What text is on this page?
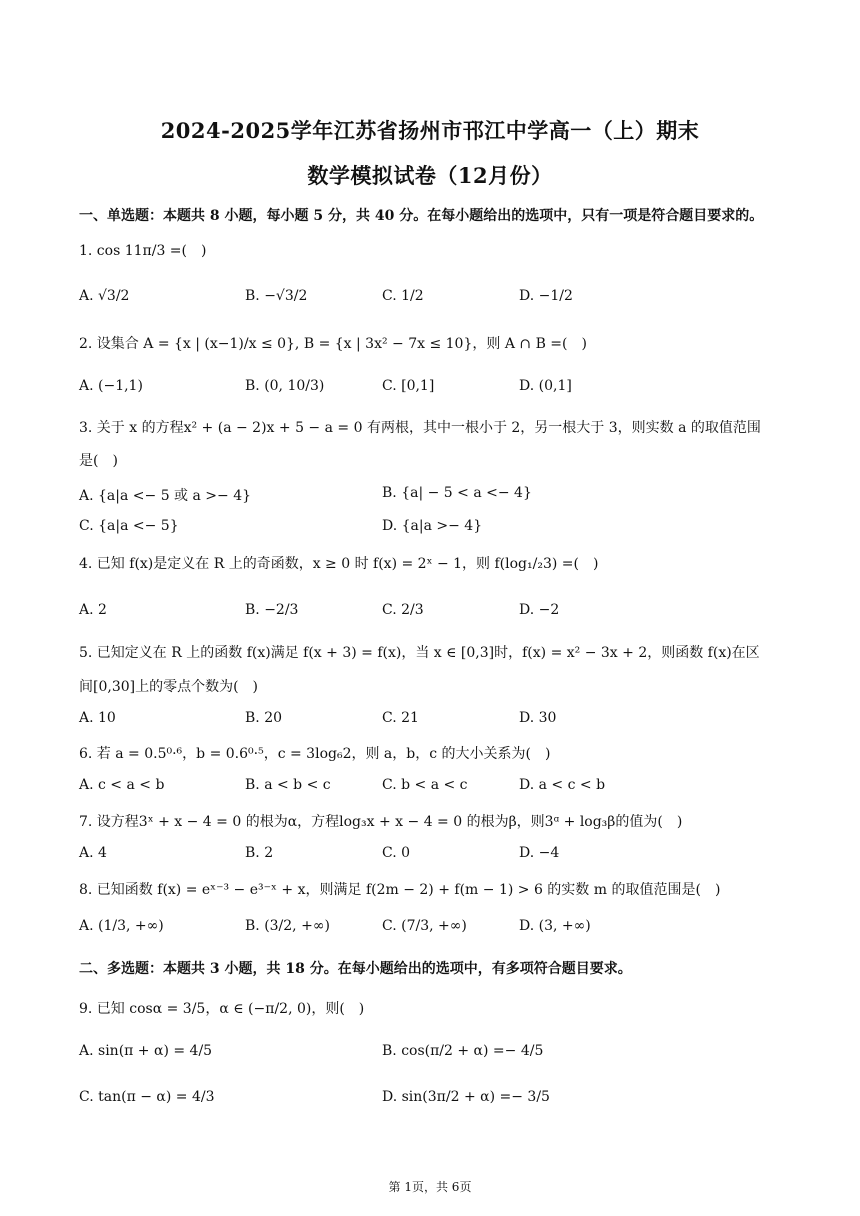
2024-2025学年江苏省扬州市邗江中学高一（上）期末
数学模拟试卷（12月份）
一、单选题：本题共 8 小题，每小题 5 分，共 40 分。在每小题给出的选项中，只有一项是符合题目要求的。
1. cos 11π/3 =(　)
A. √3/2	B. −√3/2	C. 1/2	D. −1/2
2. 设集合 A = {x | (x−1)/x ≤ 0}, B = {x | 3x² − 7x ≤ 10}，则 A ∩ B =(　)
A. (−1,1)	B. (0, 10/3)	C. [0,1]	D. (0,1]
3. 关于 x 的方程x² + (a − 2)x + 5 − a = 0 有两根，其中一根小于 2，另一根大于 3，则实数 a 的取值范围
是(　)
A. {a|a <− 5 或 a >− 4}	B. {a| − 5 < a <− 4}
C. {a|a <− 5}	D. {a|a >− 4}
4. 已知 f(x)是定义在 R 上的奇函数，x ≥ 0 时 f(x) = 2ˣ − 1，则 f(log₁/₂3) =(　)
A. 2	B. −2/3	C. 2/3	D. −2
5. 已知定义在 R 上的函数 f(x)满足 f(x + 3) = f(x)，当 x ∈ [0,3]时，f(x) = x² − 3x + 2，则函数 f(x)在区
间[0,30]上的零点个数为(　)
A. 10	B. 20	C. 21	D. 30
6. 若 a = 0.5⁰·⁶，b = 0.6⁰·⁵，c = 3log₆2，则 a，b，c 的大小关系为(　)
A. c < a < b	B. a < b < c	C. b < a < c	D. a < c < b
7. 设方程3ˣ + x − 4 = 0 的根为α，方程log₃x + x − 4 = 0 的根为β，则3ᵅ + log₃β的值为(　)
A. 4	B. 2	C. 0	D. −4
8. 已知函数 f(x) = eˣ⁻³ − e³⁻ˣ + x，则满足 f(2m − 2) + f(m − 1) > 6 的实数 m 的取值范围是(　)
A. (1/3, +∞)	B. (3/2, +∞)	C. (7/3, +∞)	D. (3, +∞)
二、多选题：本题共 3 小题，共 18 分。在每小题给出的选项中，有多项符合题目要求。
9. 已知 cosα = 3/5，α ∈ (−π/2, 0)，则(　)
A. sin(π + α) = 4/5	B. cos(π/2 + α) =− 4/5
C. tan(π − α) = 4/3	D. sin(3π/2 + α) =− 3/5
第 1页，共 6页
